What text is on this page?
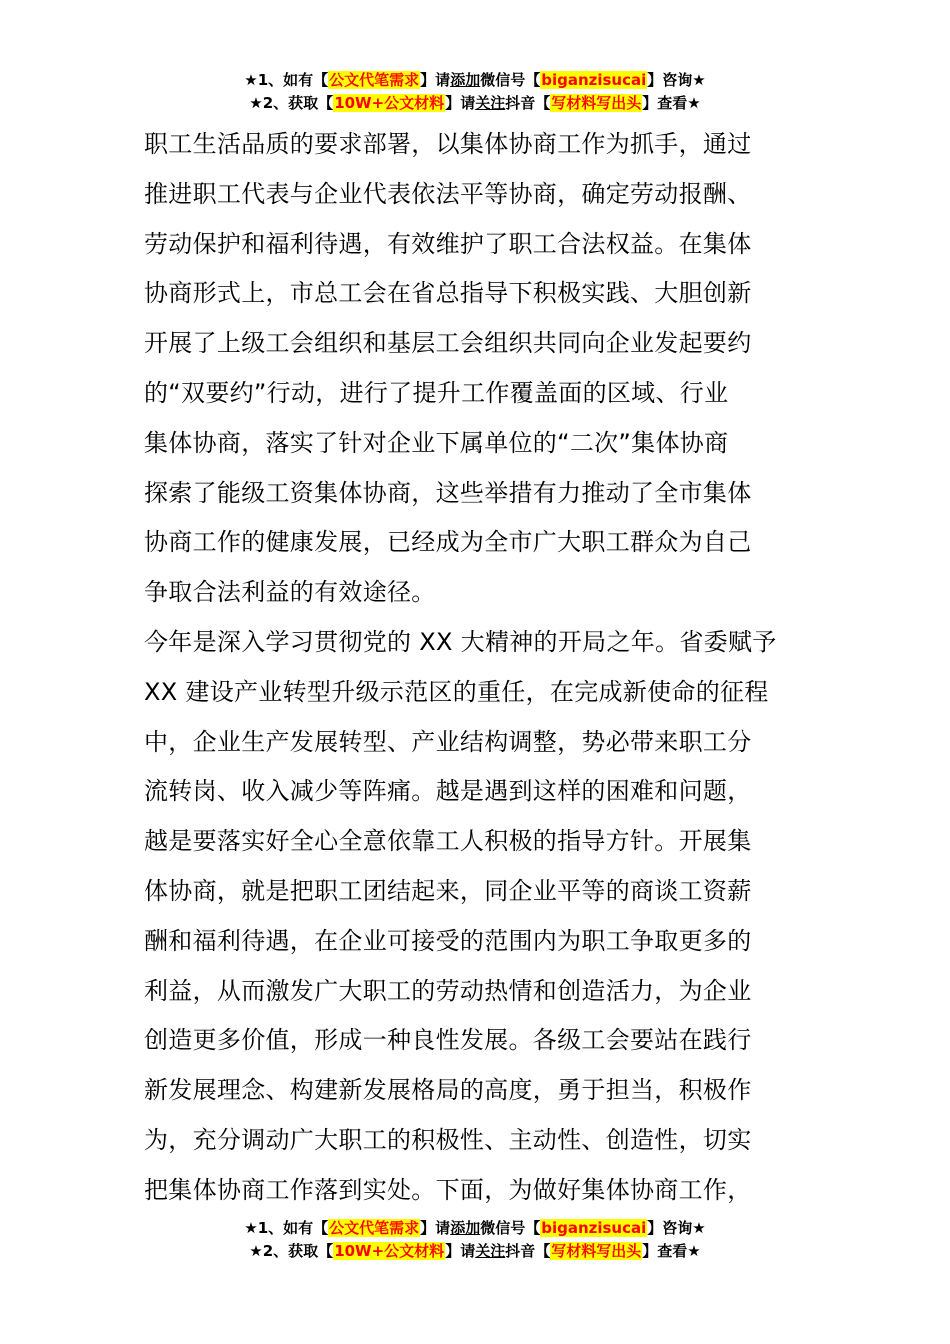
★1、如有【公文代笔需求】请添加微信号【biganzisucai】咨询★
★2、获取【10W+公文材料】请关注抖音【写材料写出头】查看★
职工生活品质的要求部署，以集体协商工作为抓手，通过
推进职工代表与企业代表依法平等协商，确定劳动报酬、
劳动保护和福利待遇，有效维护了职工合法权益。在集体
协商形式上，市总工会在省总指导下积极实践、大胆创新
开展了上级工会组织和基层工会组织共同向企业发起要约
的“双要约”行动，进行了提升工作覆盖面的区域、行业
集体协商，落实了针对企业下属单位的“二次”集体协商
探索了能级工资集体协商，这些举措有力推动了全市集体
协商工作的健康发展，已经成为全市广大职工群众为自己
争取合法利益的有效途径。
今年是深入学习贯彻党的 XX 大精神的开局之年。省委赋予
XX 建设产业转型升级示范区的重任，在完成新使命的征程
中，企业生产发展转型、产业结构调整，势必带来职工分
流转岗、收入减少等阵痛。越是遇到这样的困难和问题，
越是要落实好全心全意依靠工人积极的指导方针。开展集
体协商，就是把职工团结起来，同企业平等的商谈工资薪
酬和福利待遇，在企业可接受的范围内为职工争取更多的
利益，从而激发广大职工的劳动热情和创造活力，为企业
创造更多价值，形成一种良性发展。各级工会要站在践行
新发展理念、构建新发展格局的高度，勇于担当，积极作
为，充分调动广大职工的积极性、主动性、创造性，切实
把集体协商工作落到实处。下面，为做好集体协商工作，
★1、如有【公文代笔需求】请添加微信号【biganzisucai】咨询★
★2、获取【10W+公文材料】请关注抖音【写材料写出头】查看★
